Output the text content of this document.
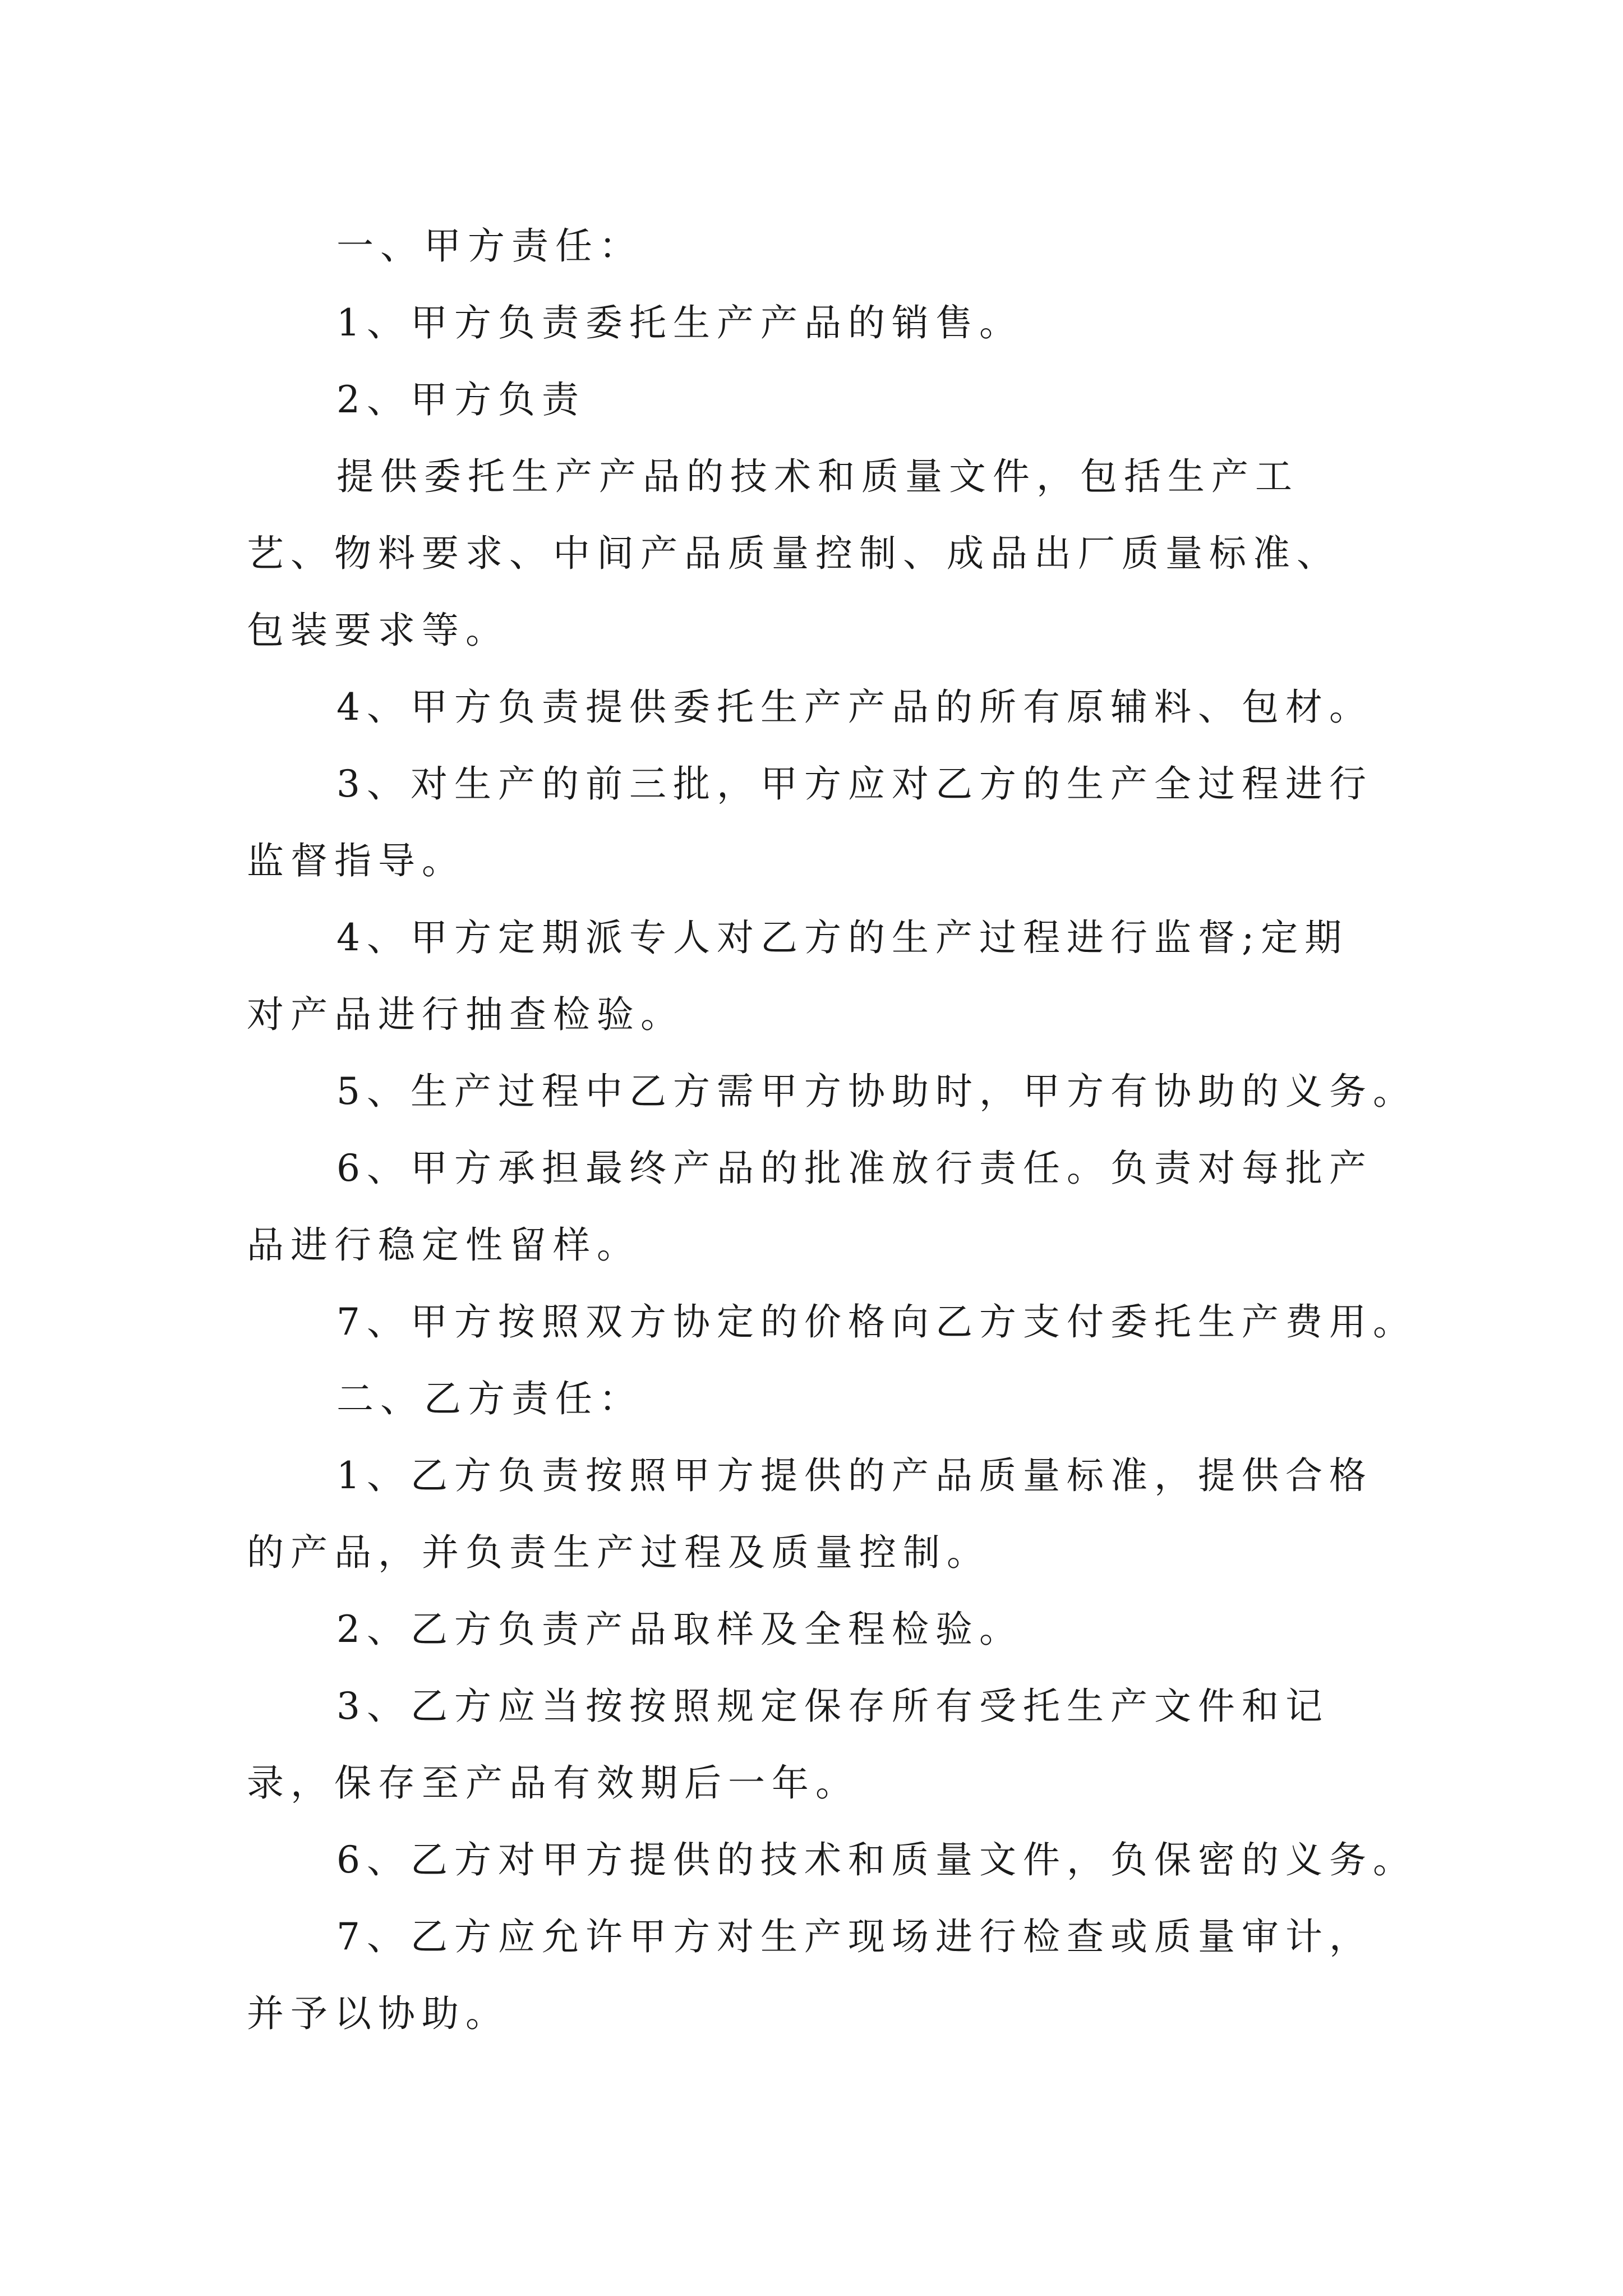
一、甲方责任：

1、甲方负责委托生产产品的销售。

2、甲方负责

提供委托生产产品的技术和质量文件，包括生产工艺、物料要求、中间产品质量控制、成品出厂质量标准、包装要求等。

4、甲方负责提供委托生产产品的所有原辅料、包材。

3、对生产的前三批，甲方应对乙方的生产全过程进行监督指导。

4、甲方定期派专人对乙方的生产过程进行监督;定期对产品进行抽查检验。

5、生产过程中乙方需甲方协助时，甲方有协助的义务。

6、甲方承担最终产品的批准放行责任。负责对每批产品进行稳定性留样。

7、甲方按照双方协定的价格向乙方支付委托生产费用。

二、乙方责任：

1、乙方负责按照甲方提供的产品质量标准，提供合格的产品，并负责生产过程及质量控制。

2、乙方负责产品取样及全程检验。

3、乙方应当按按照规定保存所有受托生产文件和记录，保存至产品有效期后一年。

6、乙方对甲方提供的技术和质量文件，负保密的义务。

7、乙方应允许甲方对生产现场进行检查或质量审计，并予以协助。
